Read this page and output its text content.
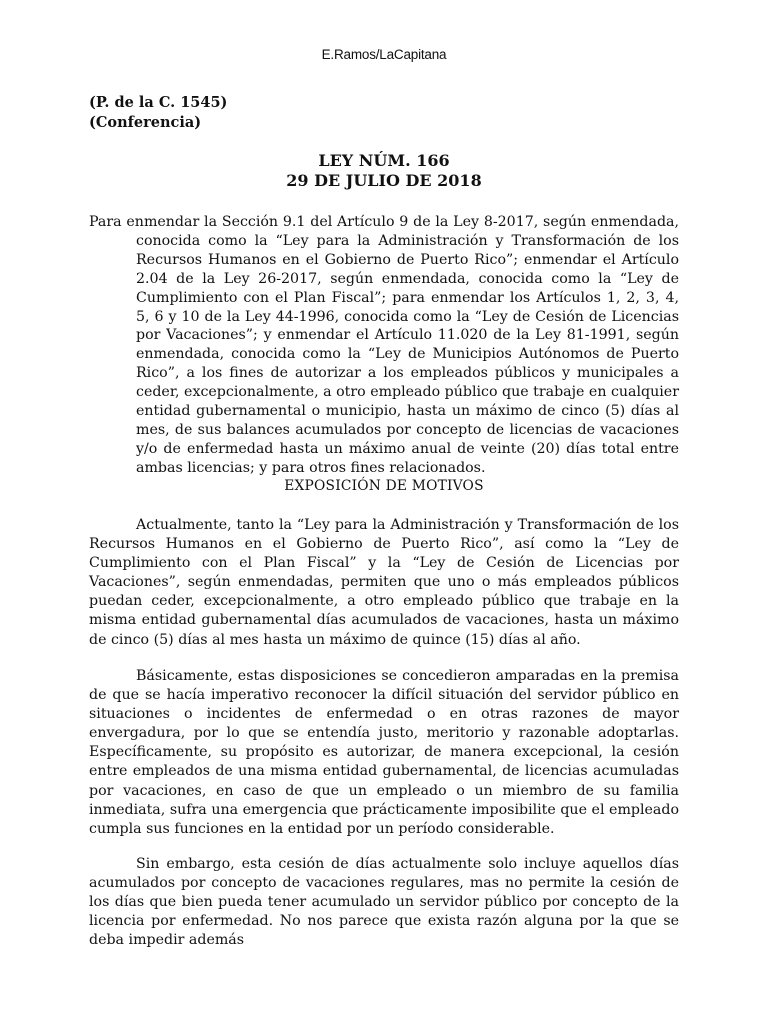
E.Ramos/LaCapitana
(P. de la C. 1545)
(Conferencia)
LEY NÚM. 166
29 DE JULIO DE 2018
Para enmendar la Sección 9.1 del Artículo 9 de la Ley 8-2017, según enmendada, conocida como la “Ley para la Administración y Transformación de los Recursos Humanos en el Gobierno de Puerto Rico”; enmendar el Artículo 2.04 de la Ley 26-2017, según enmendada, conocida como la “Ley de Cumplimiento con el Plan Fiscal”; para enmendar los Artículos 1, 2, 3, 4, 5, 6 y 10 de la Ley 44-1996, conocida como la “Ley de Cesión de Licencias por Vacaciones”; y enmendar el Artículo 11.020 de la Ley 81-1991, según enmendada, conocida como la “Ley de Municipios Autónomos de Puerto Rico”, a los fines de autorizar a los empleados públicos y municipales a ceder, excepcionalmente, a otro empleado público que trabaje en cualquier entidad gubernamental o municipio, hasta un máximo de cinco (5) días al mes, de sus balances acumulados por concepto de licencias de vacaciones y/o de enfermedad hasta un máximo anual de veinte (20) días total entre ambas licencias; y para otros fines relacionados.
EXPOSICIÓN DE MOTIVOS

Actualmente, tanto la “Ley para la Administración y Transformación de los Recursos Humanos en el Gobierno de Puerto Rico”, así como la “Ley de Cumplimiento con el Plan Fiscal” y la “Ley de Cesión de Licencias por Vacaciones”, según enmendadas, permiten que uno o más empleados públicos puedan ceder, excepcionalmente, a otro empleado público que trabaje en la misma entidad gubernamental días acumulados de vacaciones, hasta un máximo de cinco (5) días al mes hasta un máximo de quince (15) días al año.

Básicamente, estas disposiciones se concedieron amparadas en la premisa de que se hacía imperativo reconocer la difícil situación del servidor público en situaciones o incidentes de enfermedad o en otras razones de mayor envergadura, por lo que se entendía justo, meritorio y razonable adoptarlas. Específicamente, su propósito es autorizar, de manera excepcional, la cesión entre empleados de una misma entidad gubernamental, de licencias acumuladas por vacaciones, en caso de que un empleado o un miembro de su familia inmediata, sufra una emergencia que prácticamente imposibilite que el empleado cumpla sus funciones en la entidad por un período considerable.

Sin embargo, esta cesión de días actualmente solo incluye aquellos días acumulados por concepto de vacaciones regulares, mas no permite la cesión de los días que bien pueda tener acumulado un servidor público por concepto de la licencia por enfermedad. No nos parece que exista razón alguna por la que se deba impedir además
